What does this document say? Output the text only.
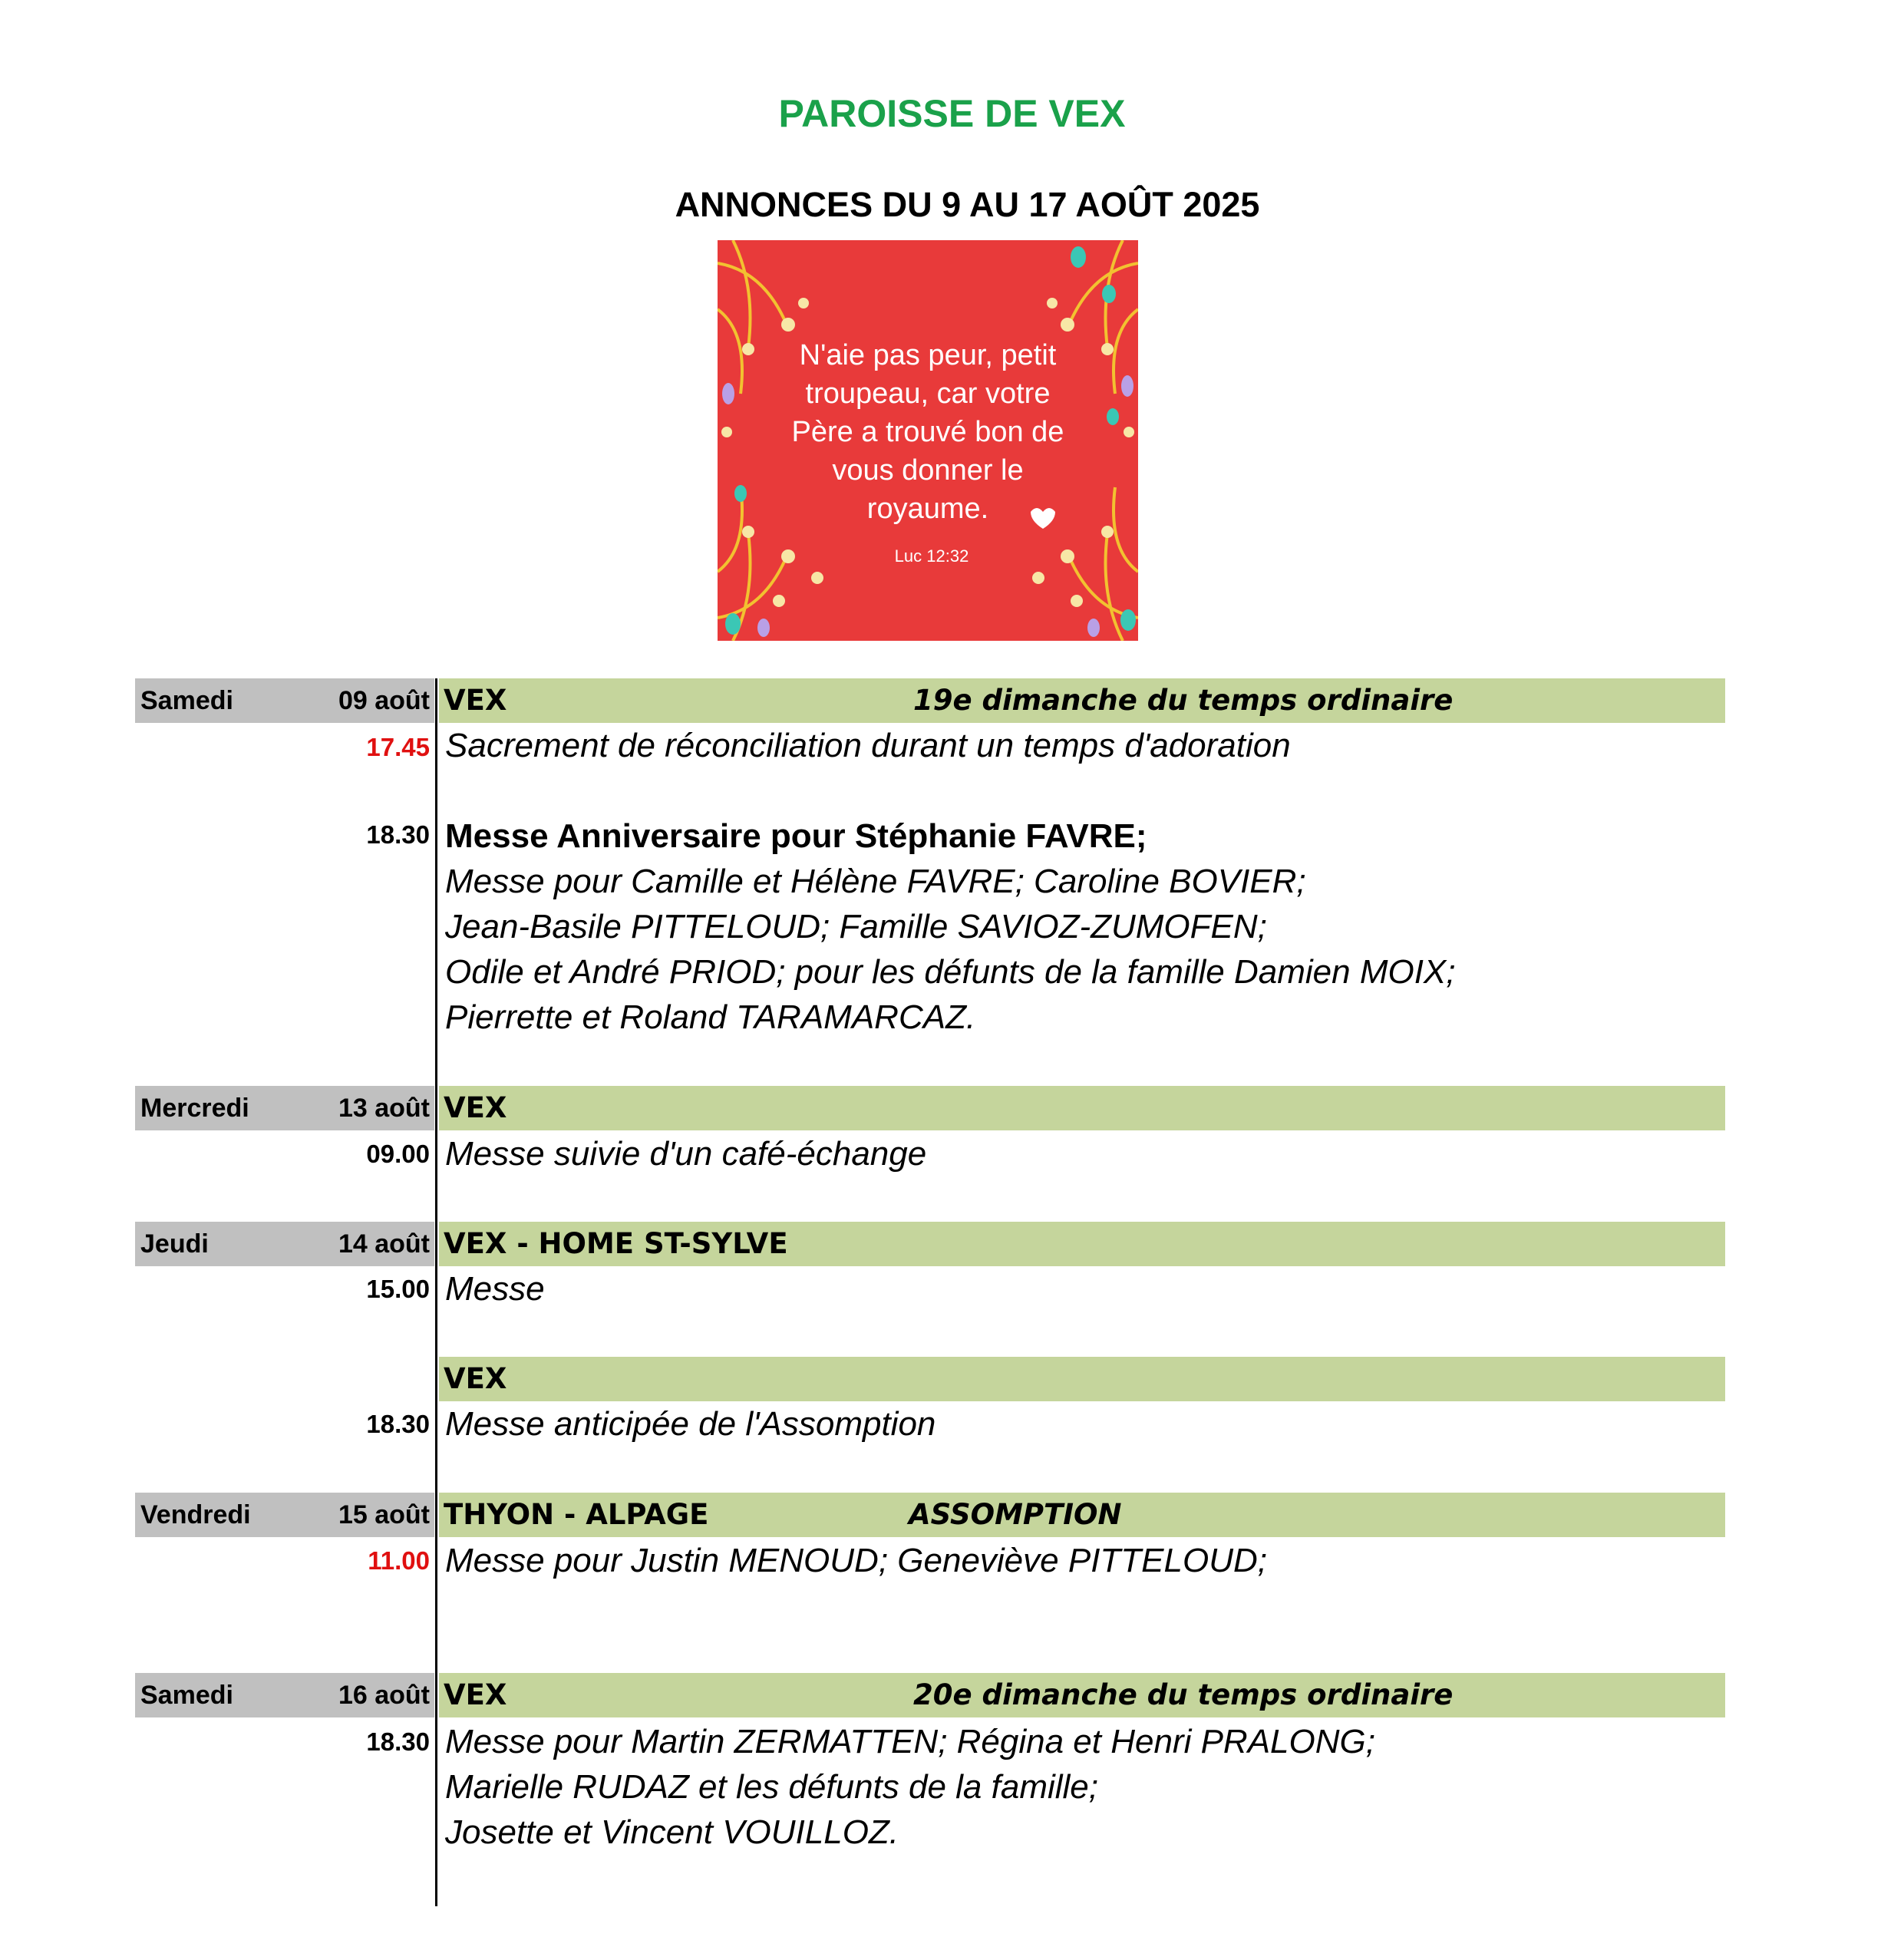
PAROISSE DE VEX
ANNONCES DU 9 AU 17 AOÛT 2025
N'aie pas peur, petit
troupeau, car votre
Père a trouvé bon de
vous donner le
royaume.
Luc 12:32
Samedi	09 août VEX	19e dimanche du temps ordinaire
17.45 Sacrement de réconciliation durant un temps d'adoration
18.30 Messe Anniversaire pour Stéphanie FAVRE;
Messe pour Camille et Hélène FAVRE; Caroline BOVIER;
Jean-Basile PITTELOUD; Famille SAVIOZ-ZUMOFEN;
Odile et André PRIOD; pour les défunts de la famille Damien MOIX;
Pierrette et Roland TARAMARCAZ.
Mercredi	13 août VEX
09.00 Messe suivie d'un café-échange
Jeudi	14 août VEX - HOME ST-SYLVE
15.00 Messe
VEX
18.30 Messe anticipée de l'Assomption
Vendredi	15 août THYON - ALPAGE	ASSOMPTION
11.00 Messe pour Justin MENOUD; Geneviève PITTELOUD;
Samedi	16 août VEX	20e dimanche du temps ordinaire
18.30 Messe pour Martin ZERMATTEN; Régina et Henri PRALONG;
Marielle RUDAZ et les défunts de la famille;
Josette et Vincent VOUILLOZ.
